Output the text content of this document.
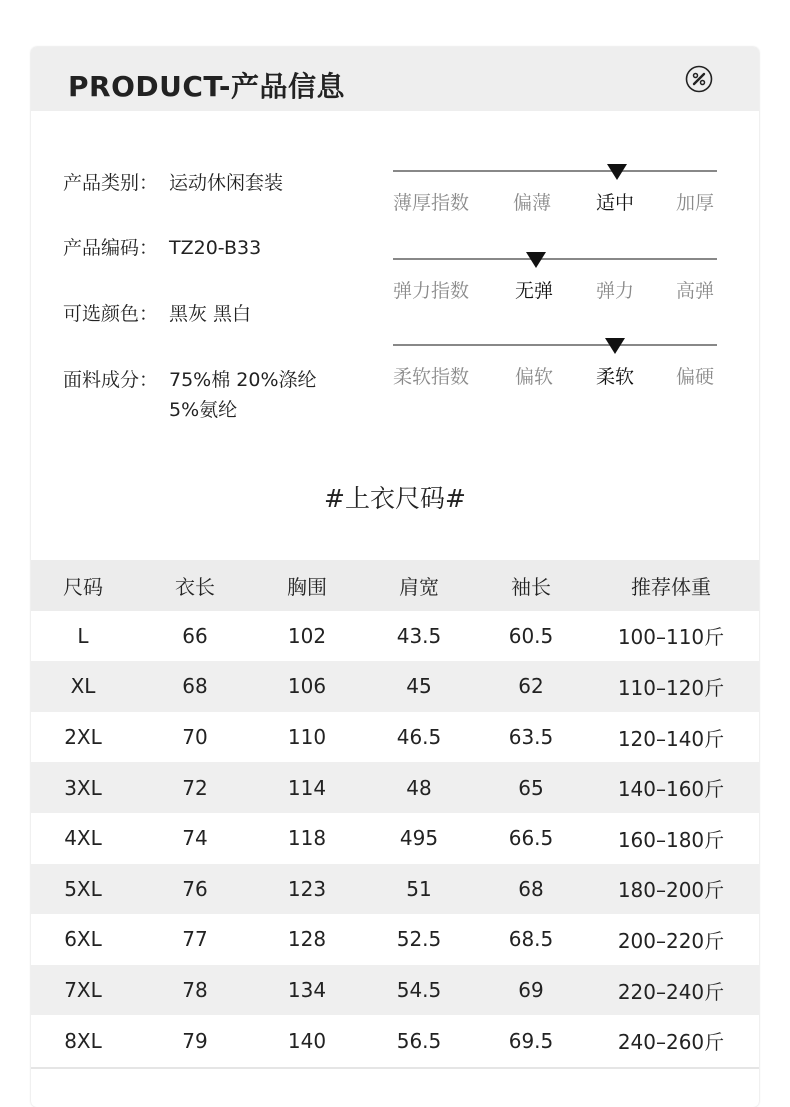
PRODUCT-产品信息
产品类别： 运动休闲套装
产品编码： TZ20-B33
可选颜色： 黑灰 黑白
面料成分： 75%棉 20%涤纶
5%氨纶
薄厚指数 偏薄 适中 加厚
弹力指数 无弹 弹力 高弹
柔软指数 偏软 柔软 偏硬
#上衣尺码#
尺码	衣长	胸围	肩宽	袖长	推荐体重
L	66	102	43.5	60.5	100–110斤
XL	68	106	45	62	110–120斤
2XL	70	110	46.5	63.5	120–140斤
3XL	72	114	48	65	140–160斤
4XL	74	118	495	66.5	160–180斤
5XL	76	123	51	68	180–200斤
6XL	77	128	52.5	68.5	200–220斤
7XL	78	134	54.5	69	220–240斤
8XL	79	140	56.5	69.5	240–260斤
